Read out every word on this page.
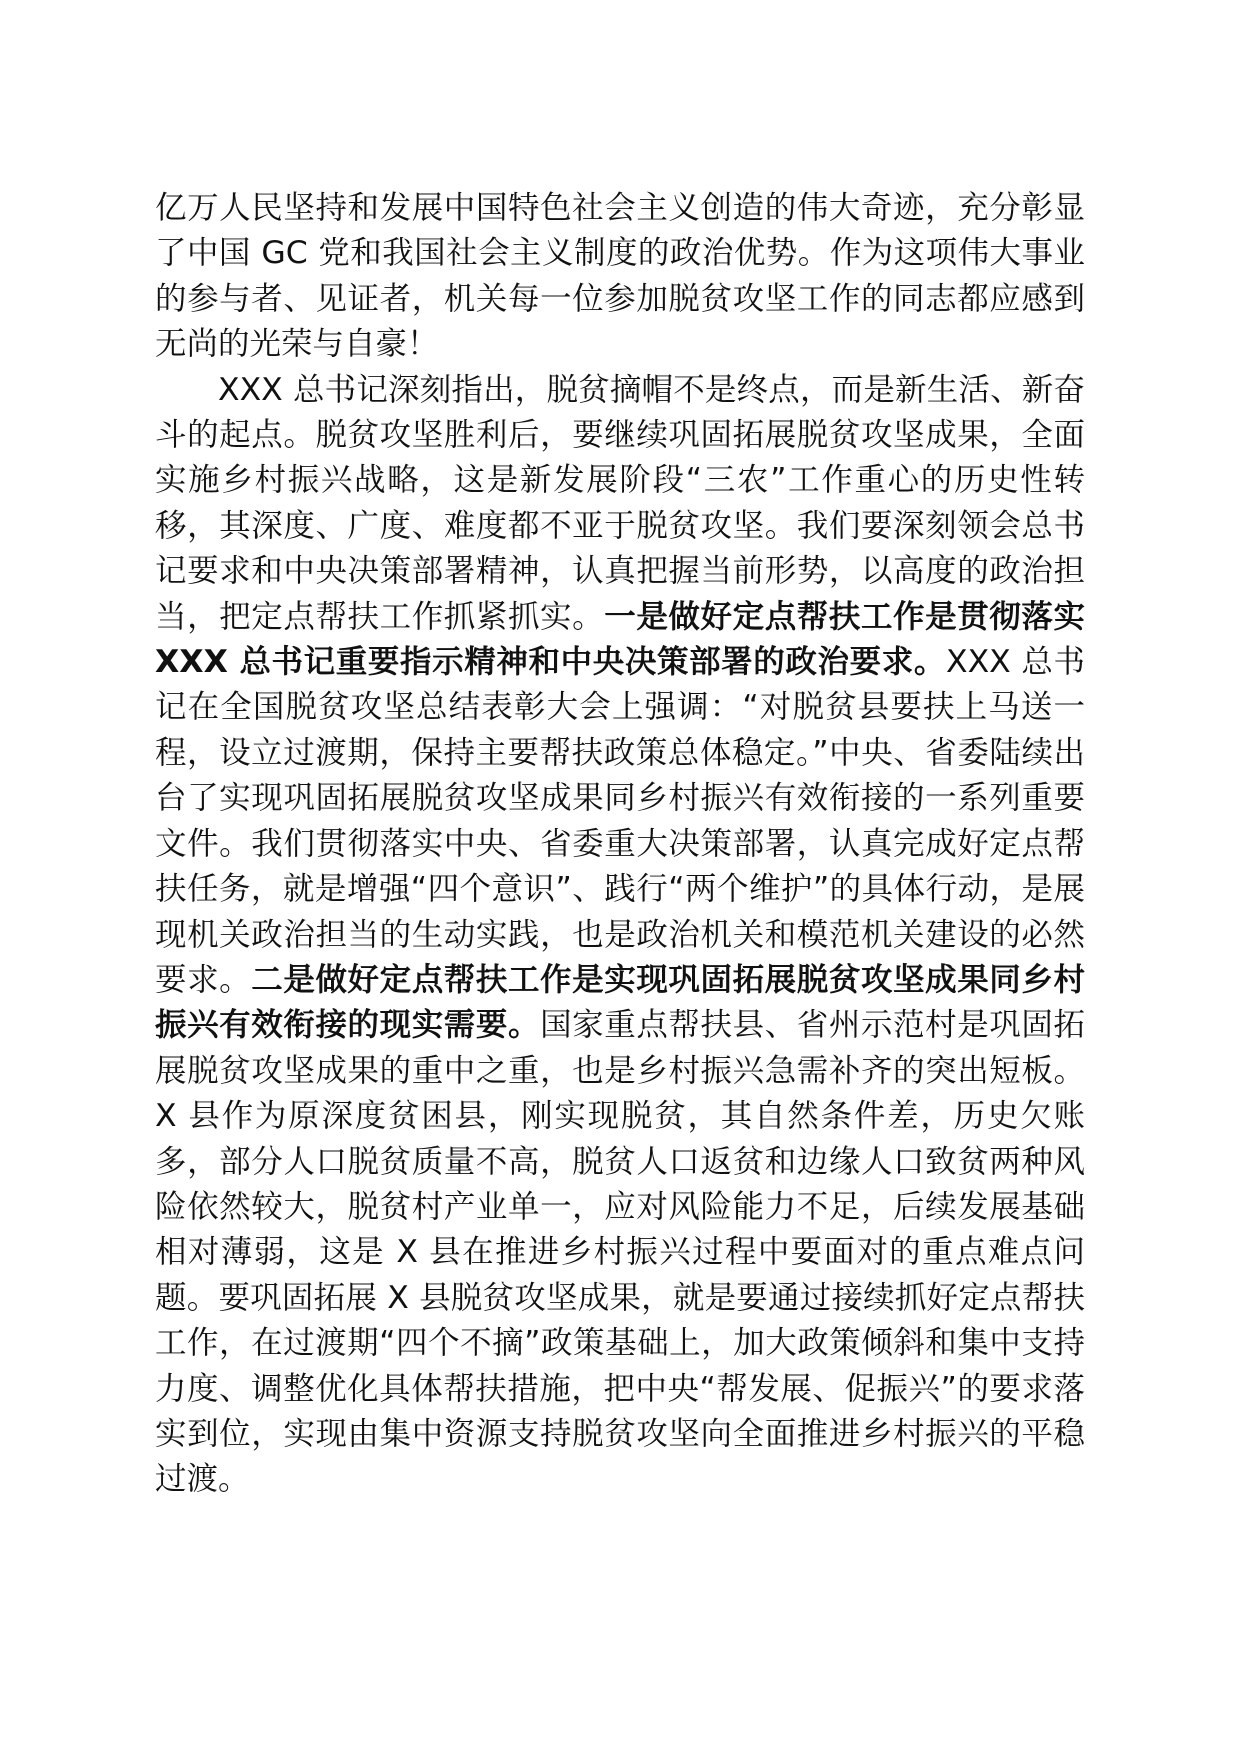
亿万人民坚持和发展中国特色社会主义创造的伟大奇迹，充分彰显了中国 GC 党和我国社会主义制度的政治优势。作为这项伟大事业的参与者、见证者，机关每一位参加脱贫攻坚工作的同志都应感到无尚的光荣与自豪！

XXX 总书记深刻指出，脱贫摘帽不是终点，而是新生活、新奋斗的起点。脱贫攻坚胜利后，要继续巩固拓展脱贫攻坚成果，全面实施乡村振兴战略，这是新发展阶段“三农”工作重心的历史性转移，其深度、广度、难度都不亚于脱贫攻坚。我们要深刻领会总书记要求和中央决策部署精神，认真把握当前形势，以高度的政治担当，把定点帮扶工作抓紧抓实。一是做好定点帮扶工作是贯彻落实 XXX 总书记重要指示精神和中央决策部署的政治要求。XXX 总书记在全国脱贫攻坚总结表彰大会上强调：“对脱贫县要扶上马送一程，设立过渡期，保持主要帮扶政策总体稳定。”中央、省委陆续出台了实现巩固拓展脱贫攻坚成果同乡村振兴有效衔接的一系列重要文件。我们贯彻落实中央、省委重大决策部署，认真完成好定点帮扶任务，就是增强“四个意识”、践行“两个维护”的具体行动，是展现机关政治担当的生动实践，也是政治机关和模范机关建设的必然要求。二是做好定点帮扶工作是实现巩固拓展脱贫攻坚成果同乡村振兴有效衔接的现实需要。国家重点帮扶县、省州示范村是巩固拓展脱贫攻坚成果的重中之重，也是乡村振兴急需补齐的突出短板。X 县作为原深度贫困县，刚实现脱贫，其自然条件差，历史欠账多，部分人口脱贫质量不高，脱贫人口返贫和边缘人口致贫两种风险依然较大，脱贫村产业单一，应对风险能力不足，后续发展基础相对薄弱，这是 X 县在推进乡村振兴过程中要面对的重点难点问题。要巩固拓展 X 县脱贫攻坚成果，就是要通过接续抓好定点帮扶工作，在过渡期“四个不摘”政策基础上，加大政策倾斜和集中支持力度、调整优化具体帮扶措施，把中央“帮发展、促振兴”的要求落实到位，实现由集中资源支持脱贫攻坚向全面推进乡村振兴的平稳过渡。
